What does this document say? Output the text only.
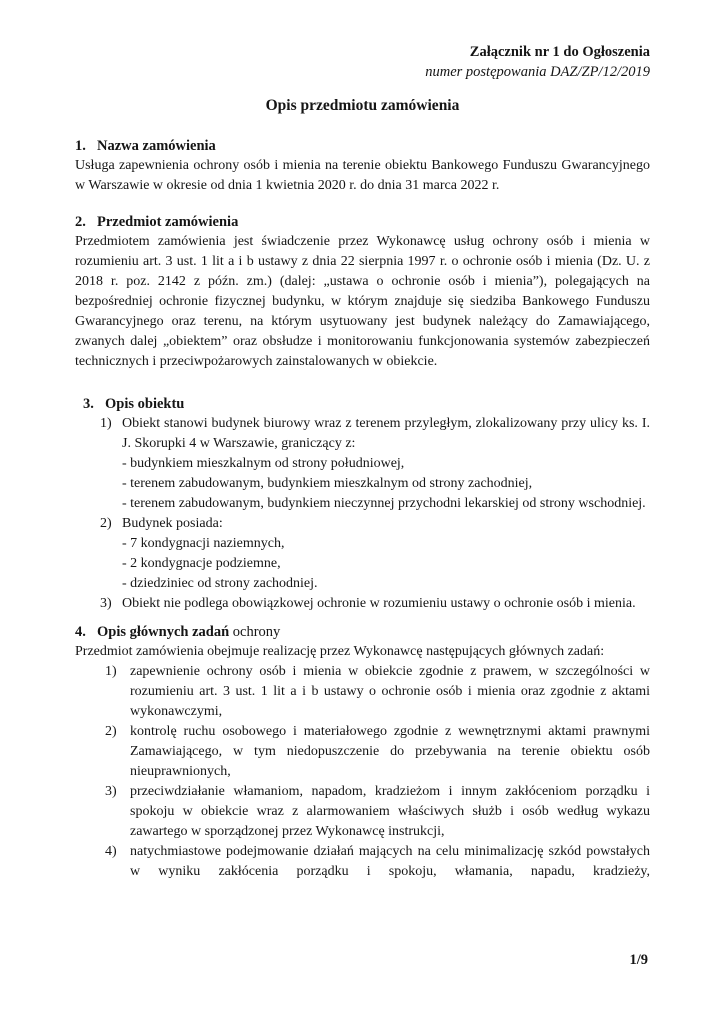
Załącznik nr 1 do Ogłoszenia
numer postępowania DAZ/ZP/12/2019
Opis przedmiotu zamówienia
1. Nazwa zamówienia
Usługa zapewnienia ochrony osób i mienia na terenie obiektu Bankowego Funduszu Gwarancyjnego w Warszawie w okresie od dnia 1 kwietnia 2020 r. do dnia 31 marca 2022 r.
2. Przedmiot zamówienia
Przedmiotem zamówienia jest świadczenie przez Wykonawcę usług ochrony osób i mienia w rozumieniu art. 3 ust. 1 lit a i b ustawy z dnia 22 sierpnia 1997 r. o ochronie osób i mienia (Dz. U. z 2018 r. poz. 2142 z późn. zm.) (dalej: „ustawa o ochronie osób i mienia”), polegających na bezpośredniej ochronie fizycznej budynku, w którym znajduje się siedziba Bankowego Funduszu Gwarancyjnego oraz terenu, na którym usytuowany jest budynek należący do Zamawiającego, zwanych dalej „obiektem” oraz obsłudze i monitorowaniu funkcjonowania systemów zabezpieczeń technicznych i przeciwpożarowych zainstalowanych w obiekcie.
3. Opis obiektu
1) Obiekt stanowi budynek biurowy wraz z terenem przyległym, zlokalizowany przy ulicy ks. I. J. Skorupki 4 w Warszawie, graniczący z:
- budynkiem mieszkalnym od strony południowej,
- terenem zabudowanym, budynkiem mieszkalnym od strony zachodniej,
- terenem zabudowanym, budynkiem nieczynnej przychodni lekarskiej od strony wschodniej.
2) Budynek posiada:
- 7 kondygnacji naziemnych,
- 2 kondygnacje podziemne,
- dziedziniec od strony zachodniej.
3) Obiekt nie podlega obowiązkowej ochronie w rozumieniu ustawy o ochronie osób i mienia.
4. Opis głównych zadań ochrony
Przedmiot zamówienia obejmuje realizację przez Wykonawcę następujących głównych zadań:
1) zapewnienie ochrony osób i mienia w obiekcie zgodnie z prawem, w szczególności w rozumieniu art. 3 ust. 1 lit a i b ustawy o ochronie osób i mienia oraz zgodnie z aktami wykonawczymi,
2) kontrolę ruchu osobowego i materiałowego zgodnie z wewnętrznymi aktami prawnymi Zamawiającego, w tym niedopuszczenie do przebywania na terenie obiektu osób nieuprawnionych,
3) przeciwdziałanie włamaniom, napadom, kradzieżom i innym zakłóceniom porządku i spokoju w obiekcie wraz z alarmowaniem właściwych służb i osób według wykazu zawartego w sporządzonej przez Wykonawcę instrukcji,
4) natychmiastowe podejmowanie działań mających na celu minimalizację szkód powstałych w wyniku zakłócenia porządku i spokoju, włamania, napadu, kradzieży,
1/9
